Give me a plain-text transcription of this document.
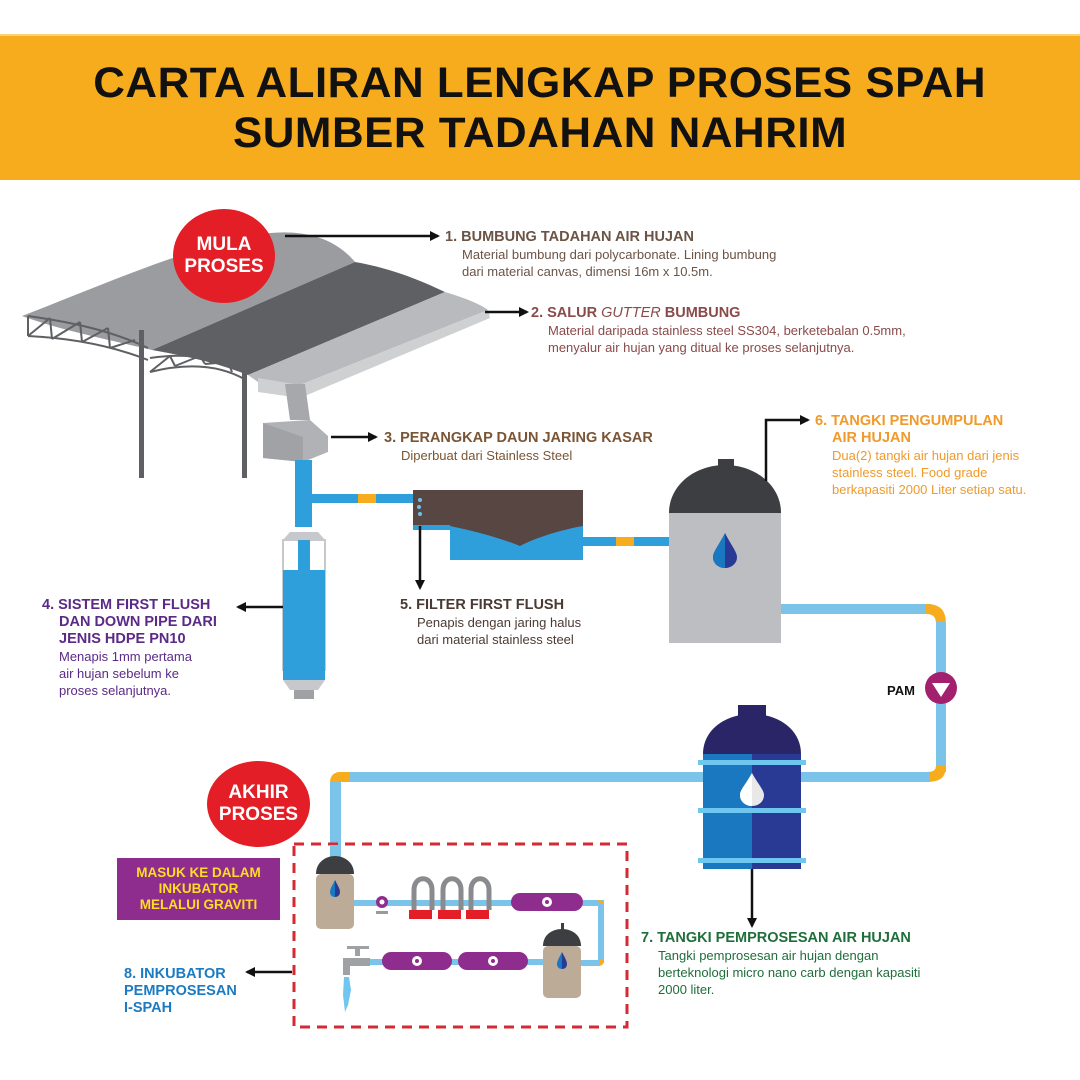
CARTA ALIRAN LENGKAP PROSES SPAH
SUMBER TADAHAN NAHRIM
MULA
PROSES
AKHIR
PROSES
1. BUMBUNG TADAHAN AIR HUJAN
Material bumbung dari polycarbonate. Lining bumbung
dari material canvas, dimensi 16m x 10.5m.
2. SALUR GUTTER BUMBUNG
Material daripada stainless steel SS304, berketebalan 0.5mm,
menyalur air hujan yang ditual ke proses selanjutnya.
3. PERANGKAP DAUN JARING KASAR
Diperbuat dari Stainless Steel
4. SISTEM FIRST FLUSH
DAN DOWN PIPE DARI
JENIS HDPE PN10
Menapis 1mm pertama
air hujan sebelum ke
proses selanjutnya.
5. FILTER FIRST FLUSH
Penapis dengan jaring halus
dari material stainless steel
6. TANGKI PENGUMPULAN
AIR HUJAN
Dua(2) tangki air hujan dari jenis
stainless steel. Food grade
berkapasiti 2000 Liter setiap satu.
PAM
7. TANGKI PEMPROSESAN AIR HUJAN
Tangki pemprosesan air hujan dengan
berteknologi micro nano carb dengan kapasiti
2000 liter.
MASUK KE DALAM
INKUBATOR
MELALUI GRAVITI
8. INKUBATOR
PEMPROSESAN
I-SPAH
